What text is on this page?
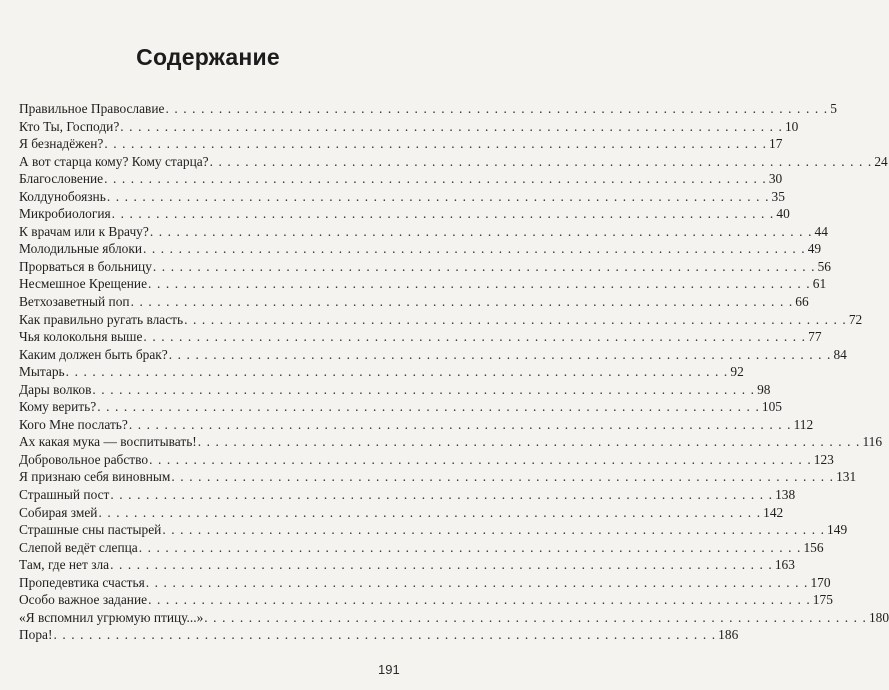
Содержание
Правильное Православие . . . . . . . . . . . . . . . . . . . . . . . . . . . . . . . . . . . . . . . . . . . . . . . . . . . . . . . . . . . . . . . . . . . . . . . . . . . 5
Кто Ты, Господи? . . . . . . . . . . . . . . . . . . . . . . . . . . . . . . . . . . . . . . . . . . . . . . . . . . . . . . . . . . . . . . . . . . . . . . . . . . . 10
Я безнадёжен? . . . . . . . . . . . . . . . . . . . . . . . . . . . . . . . . . . . . . . . . . . . . . . . . . . . . . . . . . . . . . . . . . . . . . . . . . . . 17
А вот старца кому? Кому старца? . . . . . . . . . . . . . . . . . . . . . . . . . . . . . . . . . . . . . . . . . . . . . . . . . . . . . . . . . . . . . . . . . . . . . . . . . . . 24
Благословение . . . . . . . . . . . . . . . . . . . . . . . . . . . . . . . . . . . . . . . . . . . . . . . . . . . . . . . . . . . . . . . . . . . . . . . . . . . 30
Колдунобоязнь . . . . . . . . . . . . . . . . . . . . . . . . . . . . . . . . . . . . . . . . . . . . . . . . . . . . . . . . . . . . . . . . . . . . . . . . . . . 35
Микробиология . . . . . . . . . . . . . . . . . . . . . . . . . . . . . . . . . . . . . . . . . . . . . . . . . . . . . . . . . . . . . . . . . . . . . . . . . . . 40
К врачам или к Врачу? . . . . . . . . . . . . . . . . . . . . . . . . . . . . . . . . . . . . . . . . . . . . . . . . . . . . . . . . . . . . . . . . . . . . . . . . . . . 44
Молодильные яблоки . . . . . . . . . . . . . . . . . . . . . . . . . . . . . . . . . . . . . . . . . . . . . . . . . . . . . . . . . . . . . . . . . . . . . . . . . . . 49
Прорваться в больницу . . . . . . . . . . . . . . . . . . . . . . . . . . . . . . . . . . . . . . . . . . . . . . . . . . . . . . . . . . . . . . . . . . . . . . . . . . . 56
Несмешное Крещение . . . . . . . . . . . . . . . . . . . . . . . . . . . . . . . . . . . . . . . . . . . . . . . . . . . . . . . . . . . . . . . . . . . . . . . . . . . 61
Ветхозаветный поп . . . . . . . . . . . . . . . . . . . . . . . . . . . . . . . . . . . . . . . . . . . . . . . . . . . . . . . . . . . . . . . . . . . . . . . . . . . 66
Как правильно ругать власть . . . . . . . . . . . . . . . . . . . . . . . . . . . . . . . . . . . . . . . . . . . . . . . . . . . . . . . . . . . . . . . . . . . . . . . . . . . 72
Чья колокольня выше . . . . . . . . . . . . . . . . . . . . . . . . . . . . . . . . . . . . . . . . . . . . . . . . . . . . . . . . . . . . . . . . . . . . . . . . . . . 77
Каким должен быть брак? . . . . . . . . . . . . . . . . . . . . . . . . . . . . . . . . . . . . . . . . . . . . . . . . . . . . . . . . . . . . . . . . . . . . . . . . . . . 84
Мытарь . . . . . . . . . . . . . . . . . . . . . . . . . . . . . . . . . . . . . . . . . . . . . . . . . . . . . . . . . . . . . . . . . . . . . . . . . . . 92
Дары волков . . . . . . . . . . . . . . . . . . . . . . . . . . . . . . . . . . . . . . . . . . . . . . . . . . . . . . . . . . . . . . . . . . . . . . . . . . . 98
Кому верить? . . . . . . . . . . . . . . . . . . . . . . . . . . . . . . . . . . . . . . . . . . . . . . . . . . . . . . . . . . . . . . . . . . . . . . . . . . . 105
Кого Мне послать? . . . . . . . . . . . . . . . . . . . . . . . . . . . . . . . . . . . . . . . . . . . . . . . . . . . . . . . . . . . . . . . . . . . . . . . . . . . 112
Ах какая мука — воспитывать! . . . . . . . . . . . . . . . . . . . . . . . . . . . . . . . . . . . . . . . . . . . . . . . . . . . . . . . . . . . . . . . . . . . . . . . . . . . 116
Добровольное рабство . . . . . . . . . . . . . . . . . . . . . . . . . . . . . . . . . . . . . . . . . . . . . . . . . . . . . . . . . . . . . . . . . . . . . . . . . . . 123
Я признаю себя виновным . . . . . . . . . . . . . . . . . . . . . . . . . . . . . . . . . . . . . . . . . . . . . . . . . . . . . . . . . . . . . . . . . . . . . . . . . . . 131
Страшный пост . . . . . . . . . . . . . . . . . . . . . . . . . . . . . . . . . . . . . . . . . . . . . . . . . . . . . . . . . . . . . . . . . . . . . . . . . . . 138
Собирая змей . . . . . . . . . . . . . . . . . . . . . . . . . . . . . . . . . . . . . . . . . . . . . . . . . . . . . . . . . . . . . . . . . . . . . . . . . . . 142
Страшные сны пастырей . . . . . . . . . . . . . . . . . . . . . . . . . . . . . . . . . . . . . . . . . . . . . . . . . . . . . . . . . . . . . . . . . . . . . . . . . . . 149
Слепой ведёт слепца . . . . . . . . . . . . . . . . . . . . . . . . . . . . . . . . . . . . . . . . . . . . . . . . . . . . . . . . . . . . . . . . . . . . . . . . . . . 156
Там, где нет зла . . . . . . . . . . . . . . . . . . . . . . . . . . . . . . . . . . . . . . . . . . . . . . . . . . . . . . . . . . . . . . . . . . . . . . . . . . . 163
Пропедевтика счастья . . . . . . . . . . . . . . . . . . . . . . . . . . . . . . . . . . . . . . . . . . . . . . . . . . . . . . . . . . . . . . . . . . . . . . . . . . . 170
Особо важное задание . . . . . . . . . . . . . . . . . . . . . . . . . . . . . . . . . . . . . . . . . . . . . . . . . . . . . . . . . . . . . . . . . . . . . . . . . . . 175
«Я вспомнил угрюмую птицу...» . . . . . . . . . . . . . . . . . . . . . . . . . . . . . . . . . . . . . . . . . . . . . . . . . . . . . . . . . . . . . . . . . . . . . . . . . . . 180
Пора! . . . . . . . . . . . . . . . . . . . . . . . . . . . . . . . . . . . . . . . . . . . . . . . . . . . . . . . . . . . . . . . . . . . . . . . . . . . 186
191
